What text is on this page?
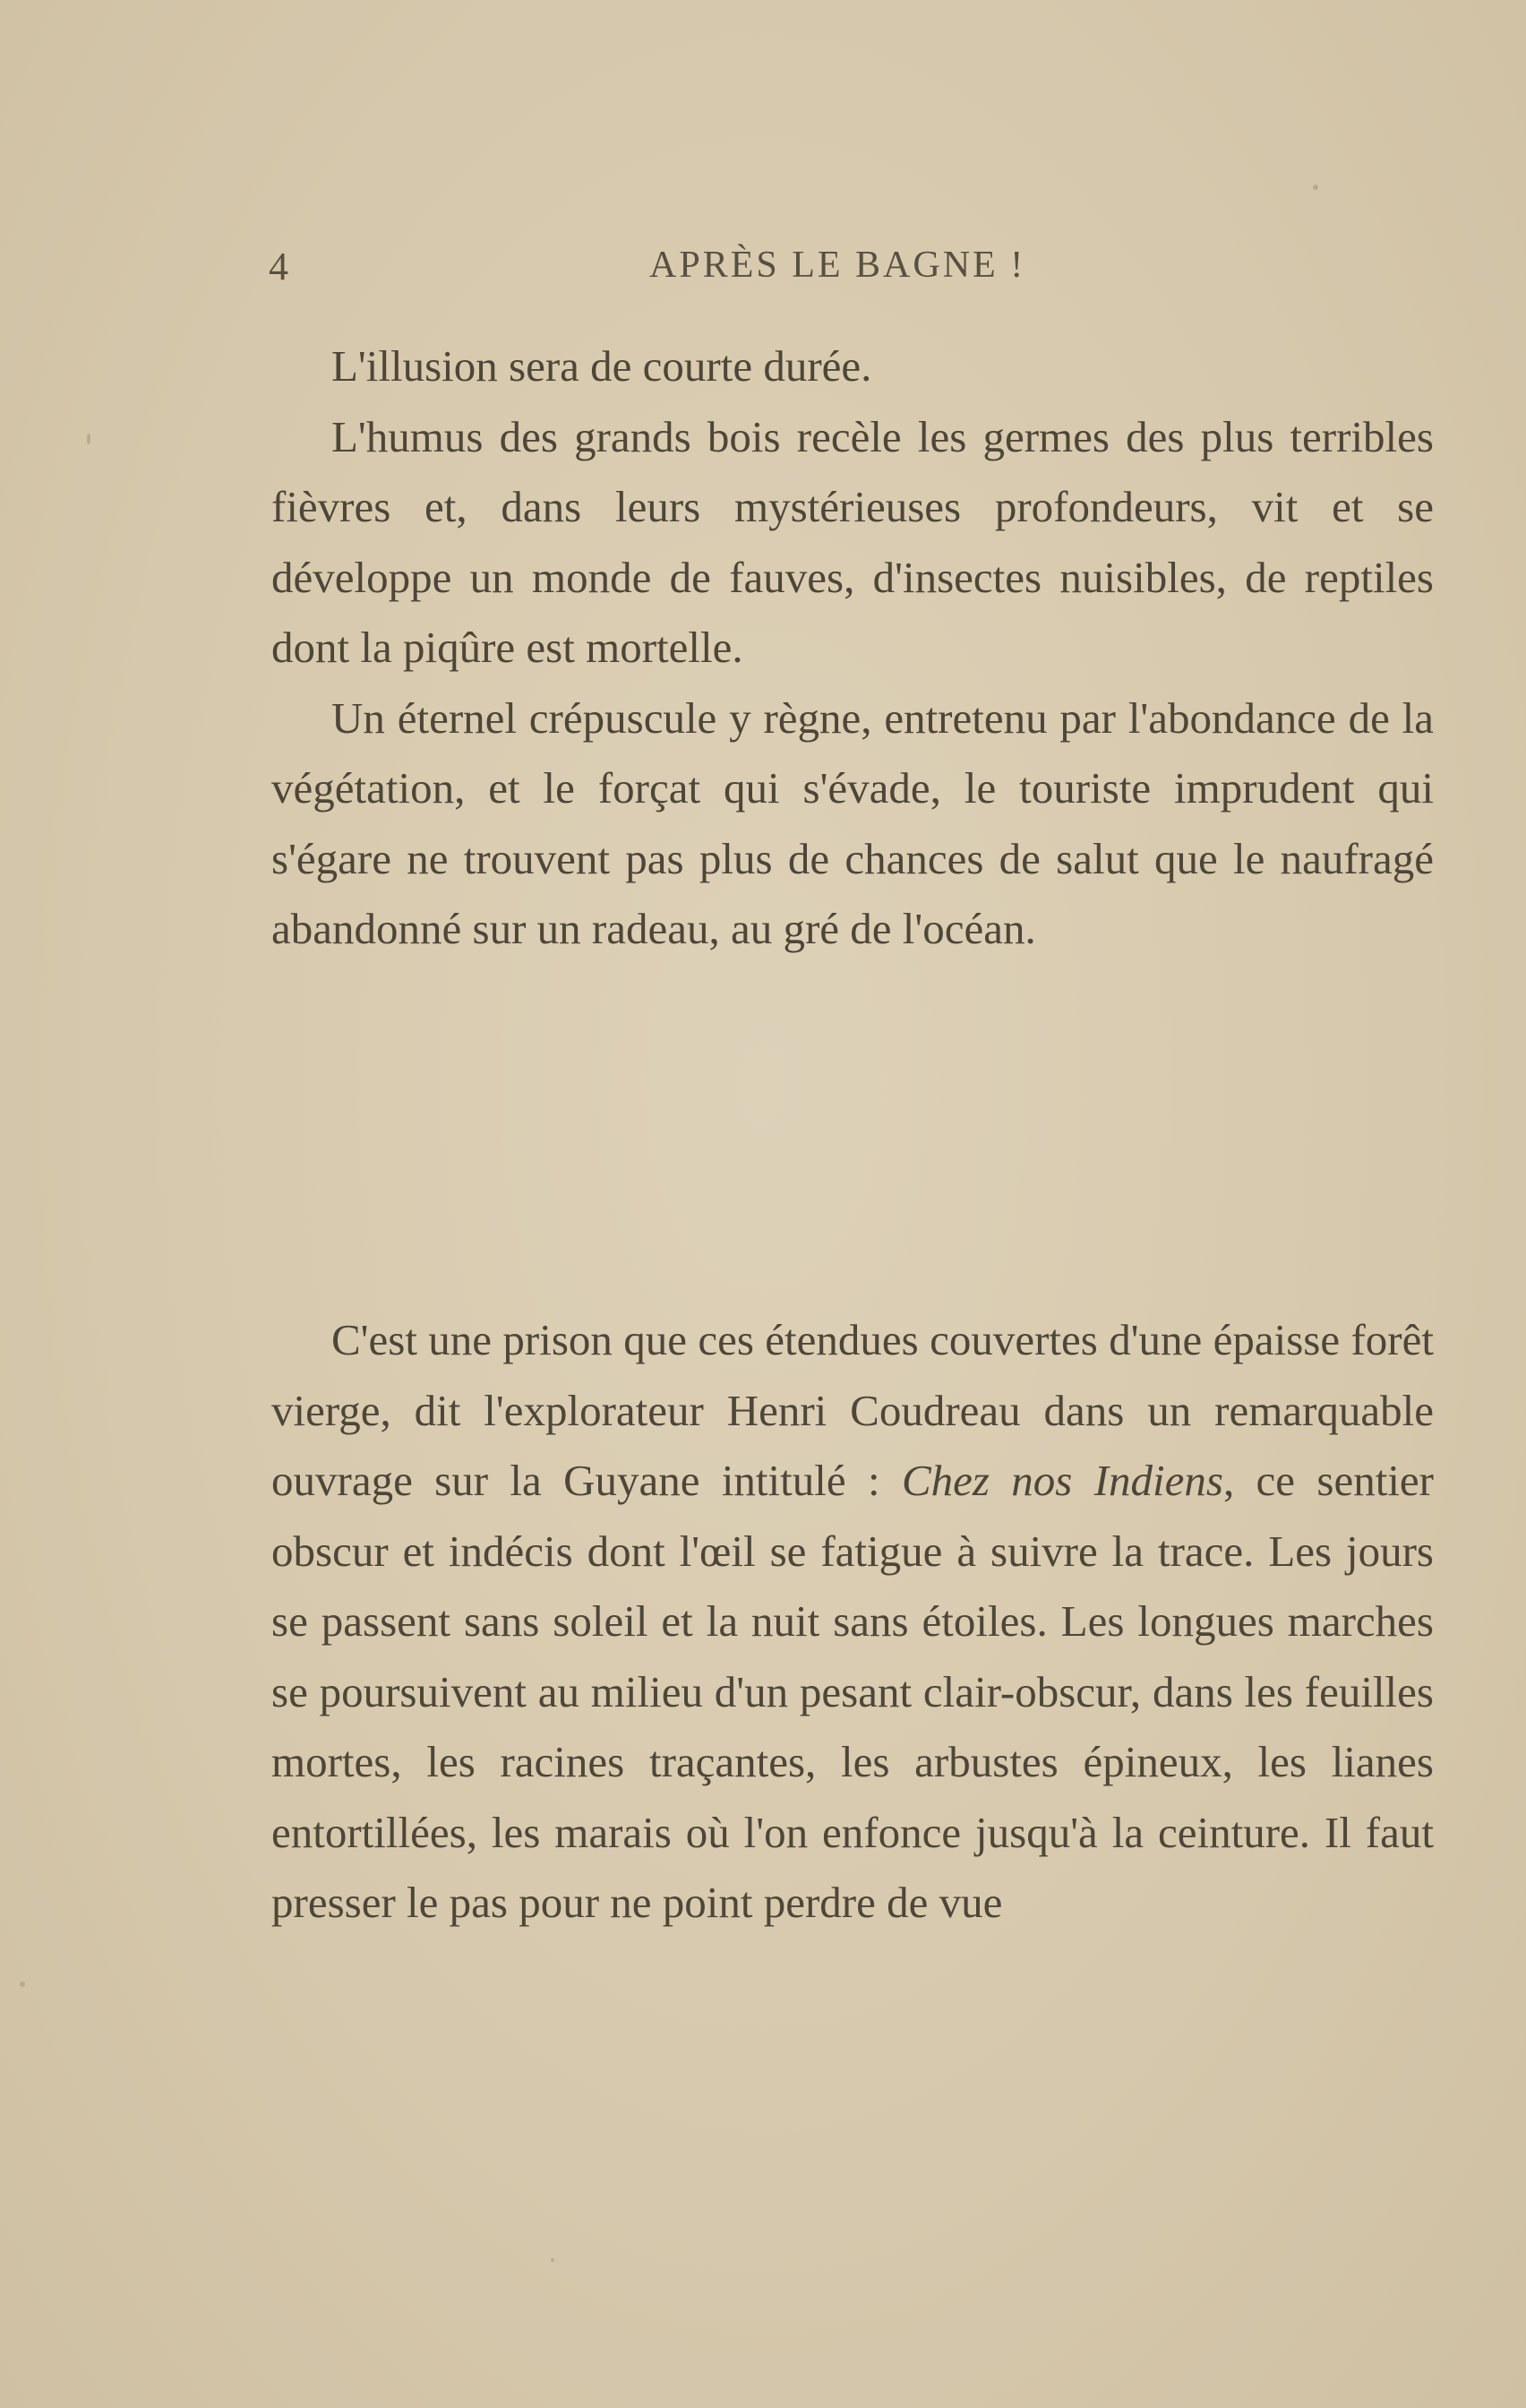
4	APRÈS LE BAGNE !

L'illusion sera de courte durée.

L'humus des grands bois recèle les germes des plus terribles fièvres et, dans leurs mystérieuses profondeurs, vit et se développe un monde de fauves, d'insectes nuisibles, de reptiles dont la piqûre est mortelle.

Un éternel crépuscule y règne, entretenu par l'abondance de la végétation, et le forçat qui s'évade, le touriste imprudent qui s'égare ne trouvent pas plus de chances de salut que le naufragé abandonné sur un radeau, au gré de l'océan.

C'est une prison que ces étendues couvertes d'une épaisse forêt vierge, dit l'explorateur Henri Coudreau dans un remarquable ouvrage sur la Guyane intitulé : Chez nos Indiens, ce sentier obscur et indécis dont l'œil se fatigue à suivre la trace. Les jours se passent sans soleil et la nuit sans étoiles. Les longues marches se poursuivent au milieu d'un pesant clair-obscur, dans les feuilles mortes, les racines traçantes, les arbustes épineux, les lianes entortillées, les marais où l'on enfonce jusqu'à la ceinture. Il faut presser le pas pour ne point perdre de vue
